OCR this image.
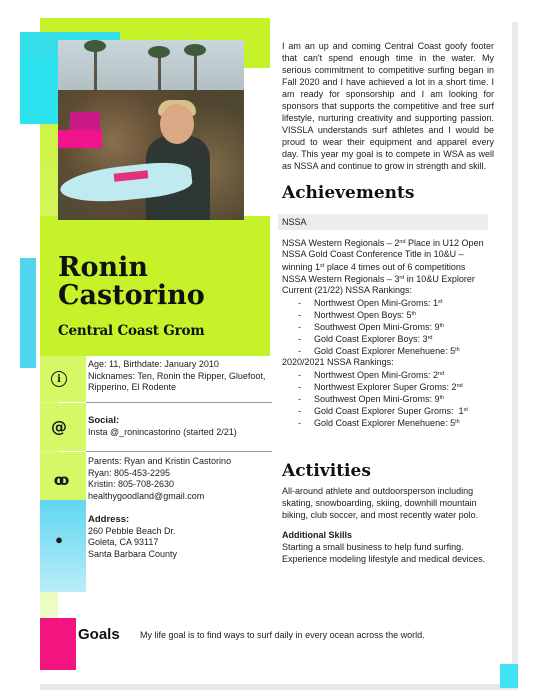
Ronin
Castorino
Central Coast Grom
i
Age: 11, Birthdate: January 2010
Nicknames: Ten, Ronin the Ripper, Gluefoot,
Ripperino, El Rodente
@ Social:
Insta @_ronincastorino (started 2/21)
oo
Parents: Ryan and Kristin Castorino
Ryan: 805-453-2295
Kristin: 805-708-2630
healthygoodland@gmail.com
●
Address:
260 Pebble Beach Dr.
Goleta, CA 93117
Santa Barbara County
I am an up and coming Central Coast goofy footer that can't spend enough time in the water. My serious commitment to competitive surfing began in Fall 2020 and I have achieved a lot in a short time. I am ready for sponsorship and I am looking for sponsors that supports the competitive and free surf lifestyle, nurturing creativity and supporting passion. VISSLA understands surf athletes and I would be proud to wear their equipment and apparel every day. This year my goal is to compete in WSA as well as NSSA and continue to grow in strength and skill.
Achievements
NSSA
NSSA Western Regionals – 2nd Place in U12 Open
NSSA Gold Coast Conference Title in 10&U –
winning 1st place 4 times out of 6 competitions
NSSA Western Regionals – 3rd in 10&U Explorer
Current (21/22) NSSA Rankings:
- Northwest Open Mini-Groms: 1st
- Northwest Open Boys: 5th
- Southwest Open Mini-Groms: 9th
- Gold Coast Explorer Boys: 3rd
- Gold Coast Explorer Menehuene: 5th
2020/2021 NSSA Rankings:
- Northwest Open Mini-Groms: 2nd
- Northwest Explorer Super Groms: 2nd
- Southwest Open Mini-Groms: 9th
- Gold Coast Explorer Super Groms:  1st
- Gold Coast Explorer Menehuene: 5th
Activities
All-around athlete and outdoorsperson including skating, snowboarding, skiing, downhill mountain biking, club soccer, and most recently water polo.
Additional Skills
Starting a small business to help fund surfing. Experience modeling lifestyle and medical devices.
Goals My life goal is to find ways to surf daily in every ocean across the world.
